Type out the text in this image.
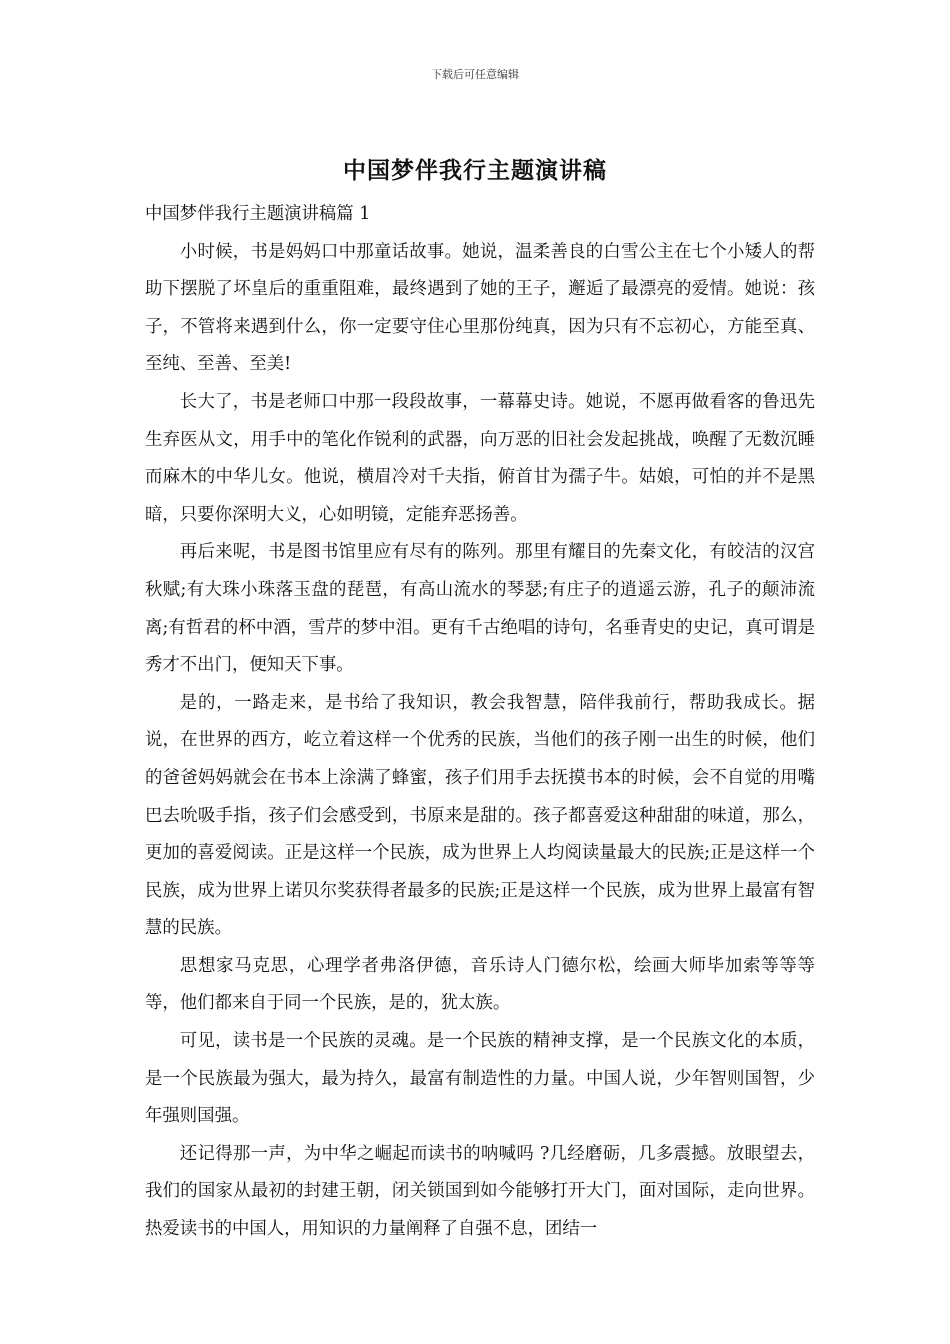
下载后可任意编辑
中国梦伴我行主题演讲稿

中国梦伴我行主题演讲稿篇 1

小时候，书是妈妈口中那童话故事。她说，温柔善良的白雪公主在七个小矮人的帮助下摆脱了坏皇后的重重阻难，最终遇到了她的王子，邂逅了最漂亮的爱情。她说：孩子，不管将来遇到什么，你一定要守住心里那份纯真，因为只有不忘初心，方能至真、至纯、至善、至美!

长大了，书是老师口中那一段段故事，一幕幕史诗。她说，不愿再做看客的鲁迅先生弃医从文，用手中的笔化作锐利的武器，向万恶的旧社会发起挑战，唤醒了无数沉睡而麻木的中华儿女。他说，横眉冷对千夫指，俯首甘为孺子牛。姑娘，可怕的并不是黑暗，只要你深明大义，心如明镜，定能弃恶扬善。

再后来呢，书是图书馆里应有尽有的陈列。那里有耀目的先秦文化，有皎洁的汉宫秋赋;有大珠小珠落玉盘的琵琶，有高山流水的琴瑟;有庄子的逍遥云游，孔子的颠沛流离;有哲君的杯中酒，雪芹的梦中泪。更有千古绝唱的诗句，名垂青史的史记，真可谓是秀才不出门，便知天下事。

是的，一路走来，是书给了我知识，教会我智慧，陪伴我前行，帮助我成长。据说，在世界的西方，屹立着这样一个优秀的民族，当他们的孩子刚一出生的时候，他们的爸爸妈妈就会在书本上涂满了蜂蜜，孩子们用手去抚摸书本的时候，会不自觉的用嘴巴去吮吸手指，孩子们会感受到，书原来是甜的。孩子都喜爱这种甜甜的味道，那么，更加的喜爱阅读。正是这样一个民族，成为世界上人均阅读量最大的民族;正是这样一个民族，成为世界上诺贝尔奖获得者最多的民族;正是这样一个民族，成为世界上最富有智慧的民族。

思想家马克思，心理学者弗洛伊德，音乐诗人门德尔松，绘画大师毕加索等等等等，他们都来自于同一个民族，是的，犹太族。

可见，读书是一个民族的灵魂。是一个民族的精神支撑，是一个民族文化的本质，是一个民族最为强大，最为持久，最富有制造性的力量。中国人说，少年智则国智，少年强则国强。

还记得那一声，为中华之崛起而读书的呐喊吗 ?几经磨砺，几多震撼。放眼望去，我们的国家从最初的封建王朝，闭关锁国到如今能够打开大门，面对国际，走向世界。热爱读书的中国人，用知识的力量阐释了自强不息，团结一
